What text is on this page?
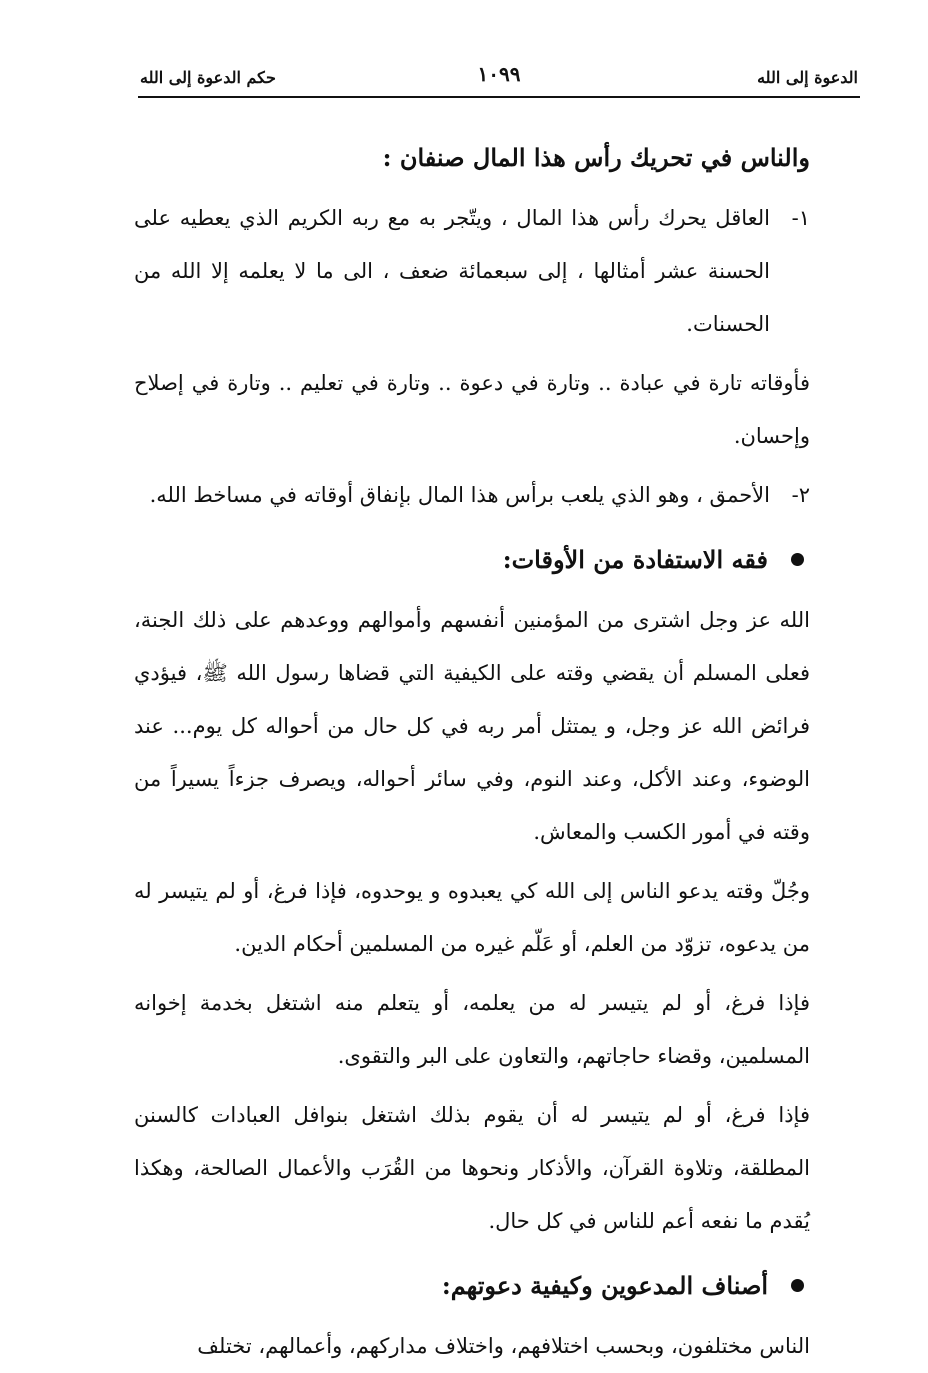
الدعوة إلى الله
١٠٩٩
حكم الدعوة إلى الله

والناس في تحريك رأس هذا المال صنفان :

١-
العاقل يحرك رأس هذا المال ، ويتّجر به مع ربه الكريم الذي يعطيه على الحسنة عشر أمثالها ، إلى سبعمائة ضعف ، الى ما لا يعلمه إلا الله من الحسنات.

فأوقاته تارة في عبادة .. وتارة في دعوة .. وتارة في تعليم .. وتارة في إصلاح وإحسان.

٢-
الأحمق ، وهو الذي يلعب برأس هذا المال بإنفاق أوقاته في مساخط الله.

فقه الاستفادة من الأوقات:

الله عز وجل اشترى من المؤمنين أنفسهم وأموالهم ووعدهم على ذلك الجنة، فعلى المسلم أن يقضي وقته على الكيفية التي قضاها رسول الله ﷺ، فيؤدي فرائض الله عز وجل، و يمتثل أمر ربه في كل حال من أحواله كل يوم... عند الوضوء، وعند الأكل، وعند النوم، وفي سائر أحواله، ويصرف جزءاً يسيراً من وقته في أمور الكسب والمعاش.

وجُلّ وقته يدعو الناس إلى الله كي يعبدوه و يوحدوه، فإذا فرغ، أو لم يتيسر له من يدعوه، تزوّد من العلم، أو عَلّم غيره من المسلمين أحكام الدين.

فإذا فرغ، أو لم يتيسر له من يعلمه، أو يتعلم منه اشتغل بخدمة إخوانه المسلمين، وقضاء حاجاتهم، والتعاون على البر والتقوى.

فإذا فرغ، أو لم يتيسر له أن يقوم بذلك اشتغل بنوافل العبادات كالسنن المطلقة، وتلاوة القرآن، والأذكار ونحوها من القُرَب والأعمال الصالحة، وهكذا يُقدم ما نفعه أعم للناس في كل حال.

أصناف المدعوين وكيفية دعوتهم:

الناس مختلفون، وبحسب اختلافهم، واختلاف مداركهم، وأعمالهم، تختلف
